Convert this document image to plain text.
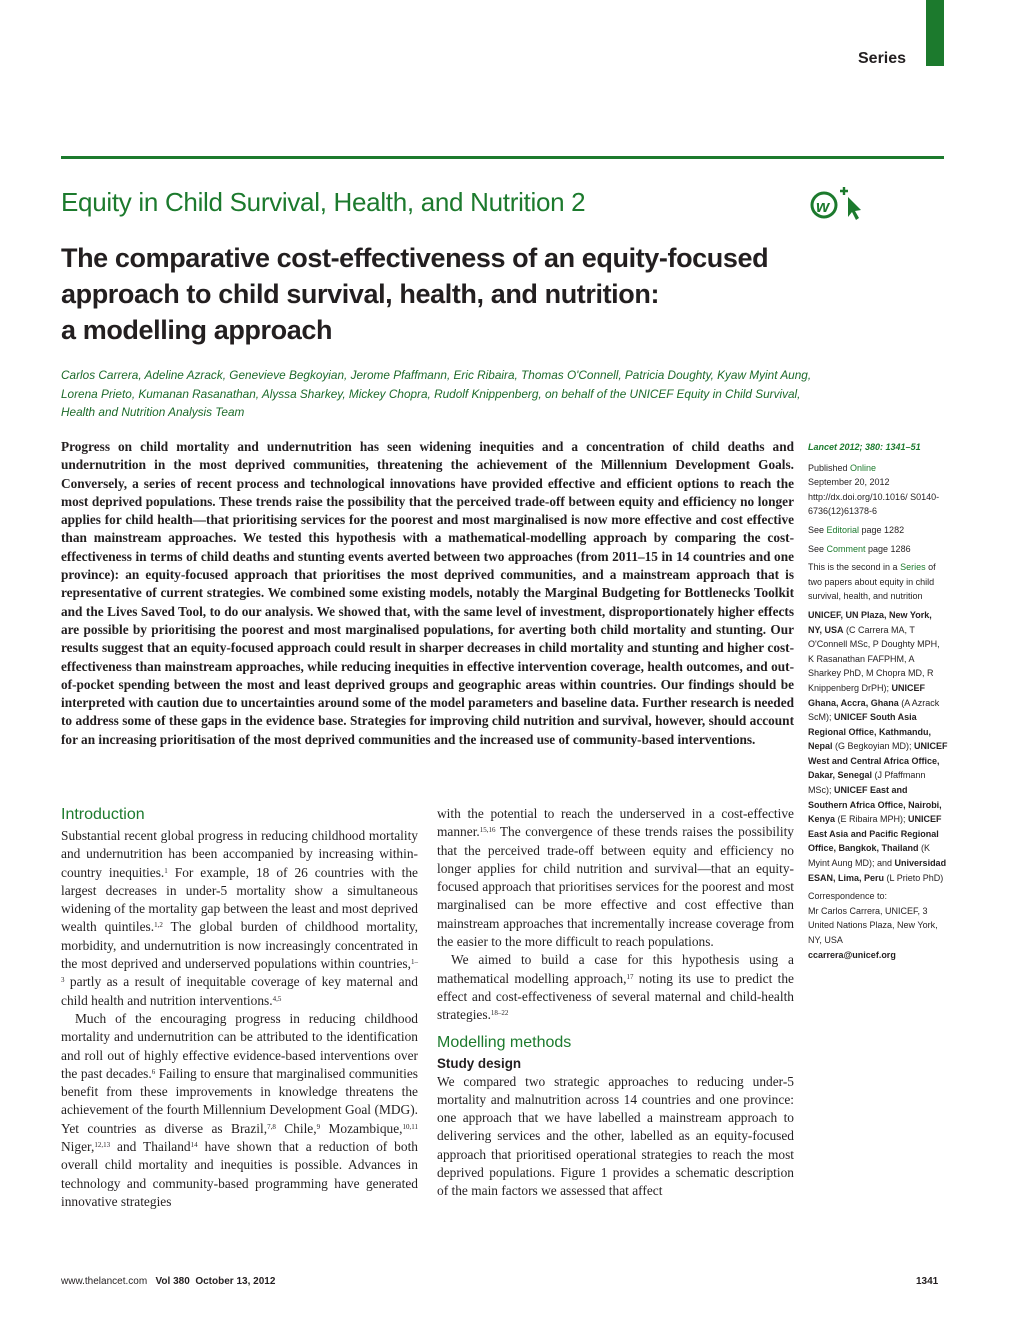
Series
Equity in Child Survival, Health, and Nutrition 2	w
The comparative cost-effectiveness of an equity-focused
approach to child survival, health, and nutrition:
a modelling approach
Carlos Carrera, Adeline Azrack, Genevieve Begkoyian, Jerome Pfaffmann, Eric Ribaira, Thomas O'Connell, Patricia Doughty, Kyaw Myint Aung,
Lorena Prieto, Kumanan Rasanathan, Alyssa Sharkey, Mickey Chopra, Rudolf Knippenberg, on behalf of the UNICEF Equity in Child Survival,
Health and Nutrition Analysis Team
Progress on child mortality and undernutrition has seen widening inequities and a concentration of child deaths and undernutrition in the most deprived communities, threatening the achievement of the Millennium Development Goals. Conversely, a series of recent process and technological innovations have provided effective and efficient options to reach the most deprived populations. These trends raise the possibility that the perceived trade-off between equity and efficiency no longer applies for child health—that prioritising services for the poorest and most marginalised is now more effective and cost effective than mainstream approaches. We tested this hypothesis with a mathematical-modelling approach by comparing the cost-effectiveness in terms of child deaths and stunting events averted between two approaches (from 2011–15 in 14 countries and one province): an equity-focused approach that prioritises the most deprived communities, and a mainstream approach that is representative of current strategies. We combined some existing models, notably the Marginal Budgeting for Bottlenecks Toolkit and the Lives Saved Tool, to do our analysis. We showed that, with the same level of investment, disproportionately higher effects are possible by prioritising the poorest and most marginalised populations, for averting both child mortality and stunting. Our results suggest that an equity-focused approach could result in sharper decreases in child mortality and stunting and higher cost-effectiveness than mainstream approaches, while reducing inequities in effective intervention coverage, health outcomes, and out-of-pocket spending between the most and least deprived groups and geographic areas within countries. Our findings should be interpreted with caution due to uncertainties around some of the model parameters and baseline data. Further research is needed to address some of these gaps in the evidence base. Strategies for improving child nutrition and survival, however, should account for an increasing prioritisation of the most deprived communities and the increased use of community-based interventions.
Introduction

Substantial recent global progress in reducing childhood mortality and undernutrition has been accompanied by increasing within-country inequities.$^1$ For example, 18 of 26 countries with the largest decreases in under-5 mortality show a simultaneous widening of the mortality gap between the least and most deprived wealth quintiles.$^{1,2}$ The global burden of childhood mortality, morbidity, and undernutrition is now increasingly concentrated in the most deprived and underserved populations within countries,$^{1-3}$ partly as a result of inequitable coverage of key maternal and child health and nutrition interventions.$^{4,5}$

Much of the encouraging progress in reducing childhood mortality and undernutrition can be attributed to the identification and roll out of highly effective evidence-based interventions over the past decades.$^6$ Failing to ensure that marginalised communities benefit from these improvements in knowledge threatens the achievement of the fourth Millennium Development Goal (MDG). Yet countries as diverse as Brazil,$^{7,8}$ Chile,$^9$ Mozambique,$^{10,11}$ Niger,$^{12,13}$ and Thailand$^{14}$ have shown that a reduction of both overall child mortality and inequities is possible. Advances in technology and community-based programming have generated innovative strategies

with the potential to reach the underserved in a cost-effective manner.$^{15,16}$ The convergence of these trends raises the possibility that the perceived trade-off between equity and efficiency no longer applies for child nutrition and survival—that an equity-focused approach that prioritises services for the poorest and most marginalised can be more effective and cost effective than mainstream approaches that incrementally increase coverage from the easier to the more difficult to reach populations.

We aimed to build a case for this hypothesis using a mathematical modelling approach,$^{17}$ noting its use to predict the effect and cost-effectiveness of several maternal and child-health strategies.$^{18-22}$

Modelling methods
Study design

We compared two strategic approaches to reducing under-5 mortality and malnutrition across 14 countries and one province: one approach that we have labelled a mainstream approach to delivering services and the other, labelled as an equity-focused approach that prioritised operational strategies to reach the most deprived populations. Figure 1 provides a schematic description of the main factors we assessed that affect

Lancet 2012; 380: 1341–51
Published Online
September 20, 2012
http://dx.doi.org/10.1016/ S0140-6736(12)61378-6
See Editorial page 1282
See Comment page 1286
This is the second in a Series of two papers about equity in child survival, health, and nutrition
UNICEF, UN Plaza, New York, NY, USA (C Carrera MA, T O'Connell MSc, P Doughty MPH, K Rasanathan FAFPHM, A Sharkey PhD, M Chopra MD, R Knippenberg DrPH); UNICEF Ghana, Accra, Ghana (A Azrack ScM); UNICEF South Asia Regional Office, Kathmandu, Nepal (G Begkoyian MD); UNICEF West and Central Africa Office, Dakar, Senegal (J Pfaffmann MSc); UNICEF East and Southern Africa Office, Nairobi, Kenya (E Ribaira MPH); UNICEF East Asia and Pacific Regional Office, Bangkok, Thailand (K Myint Aung MD); and Universidad ESAN, Lima, Peru (L Prieto PhD)
Correspondence to:
Mr Carlos Carrera, UNICEF, 3 United Nations Plaza, New York, NY, USA
ccarrera@unicef.org
www.thelancet.com Vol 380 October 13, 2012	1341
